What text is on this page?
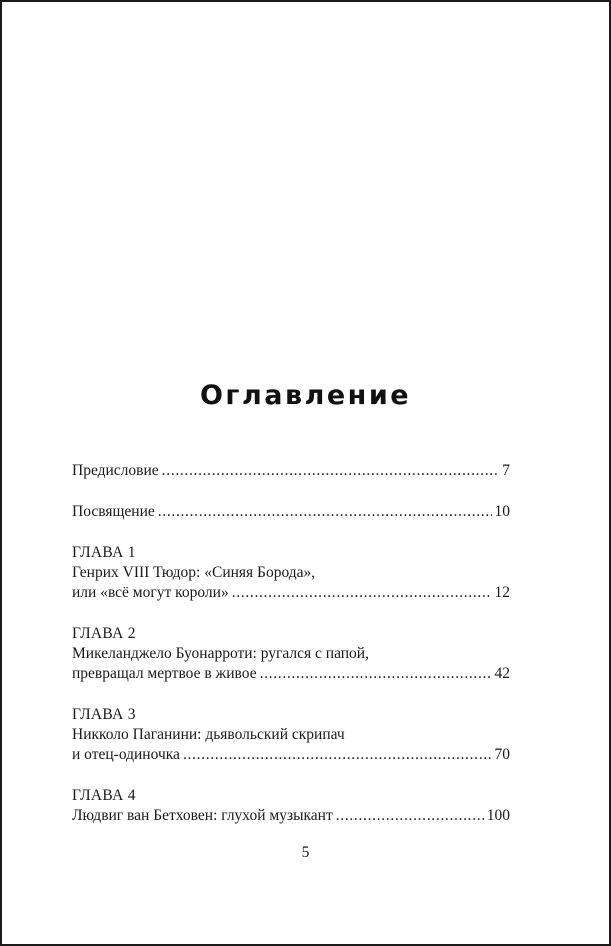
Оглавление
Предисловие . . .	7
Посвящение . . .	10
ГЛАВА 1
Генрих VIII Тюдор: «Синяя Борода»,
или «всё могут короли» . . .	12
ГЛАВА 2
Микеланджело Буонарроти: ругался с папой,
превращал мертвое в живое . . .	42
ГЛАВА 3
Никколо Паганини: дьявольский скрипач
и отец-одиночка . . .	70
ГЛАВА 4
Людвиг ван Бетховен: глухой музыкант . . .	100
5
